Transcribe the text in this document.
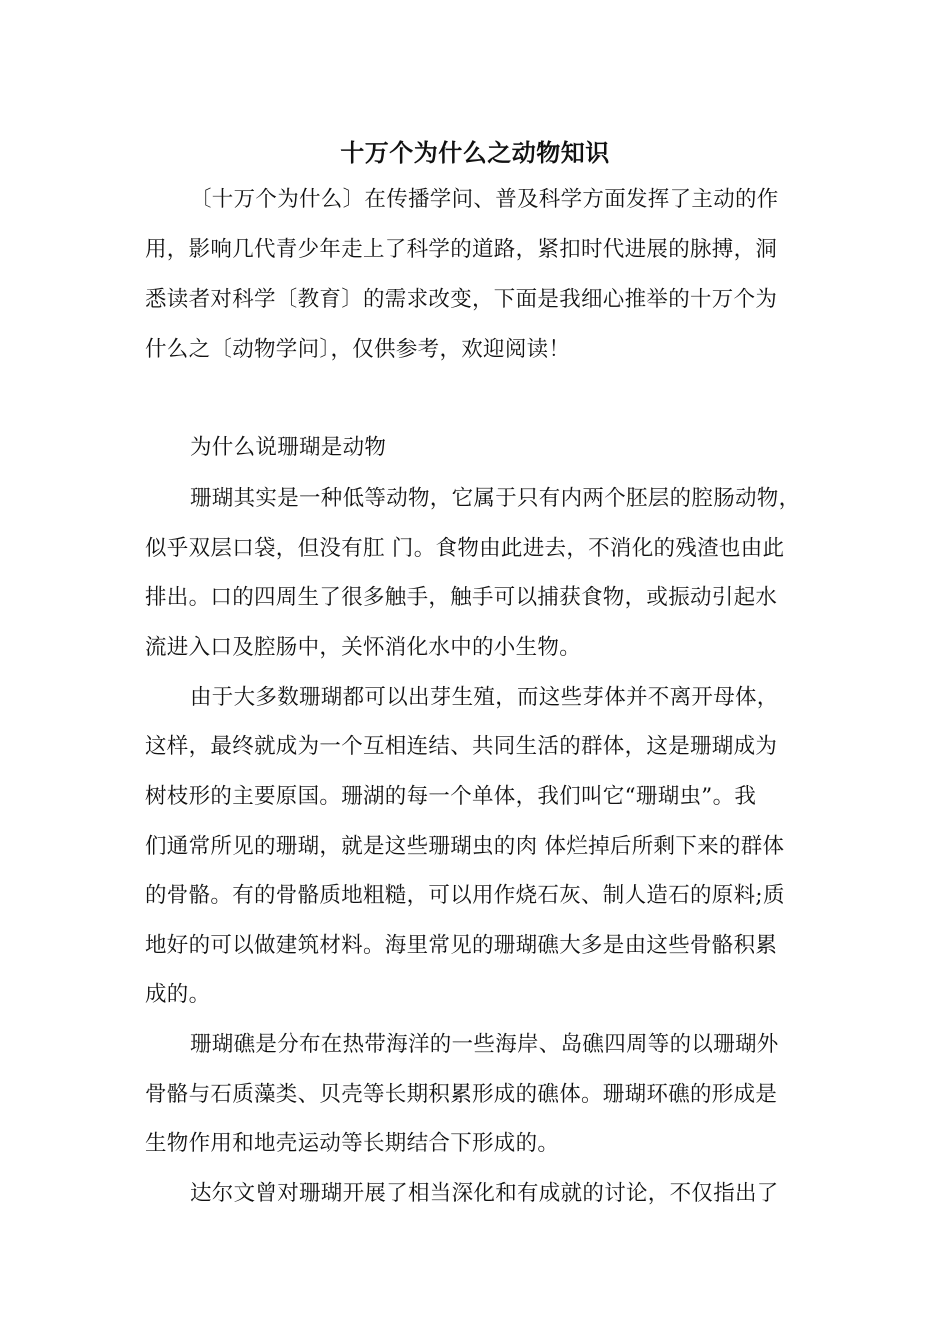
十万个为什么之动物知识
〔十万个为什么〕在传播学问、普及科学方面发挥了主动的作
用，影响几代青少年走上了科学的道路，紧扣时代进展的脉搏，洞
悉读者对科学〔教育〕的需求改变，下面是我细心推举的十万个为
什么之〔动物学问〕，仅供参考，欢迎阅读！
为什么说珊瑚是动物
珊瑚其实是一种低等动物，它属于只有内两个胚层的腔肠动物，
似乎双层口袋，但没有肛 门。食物由此进去，不消化的残渣也由此
排出。口的四周生了很多触手，触手可以捕获食物，或振动引起水
流进入口及腔肠中，关怀消化水中的小生物。
由于大多数珊瑚都可以出芽生殖，而这些芽体并不离开母体，
这样，最终就成为一个互相连结、共同生活的群体，这是珊瑚成为
树枝形的主要原国。珊湖的每一个单体，我们叫它“珊瑚虫”。我
们通常所见的珊瑚，就是这些珊瑚虫的肉 体烂掉后所剩下来的群体
的骨骼。有的骨骼质地粗糙，可以用作烧石灰、制人造石的原料;质
地好的可以做建筑材料。海里常见的珊瑚礁大多是由这些骨骼积累
成的。
珊瑚礁是分布在热带海洋的一些海岸、岛礁四周等的以珊瑚外
骨骼与石质藻类、贝壳等长期积累形成的礁体。珊瑚环礁的形成是
生物作用和地壳运动等长期结合下形成的。
达尔文曾对珊瑚开展了相当深化和有成就的讨论，不仅指出了
